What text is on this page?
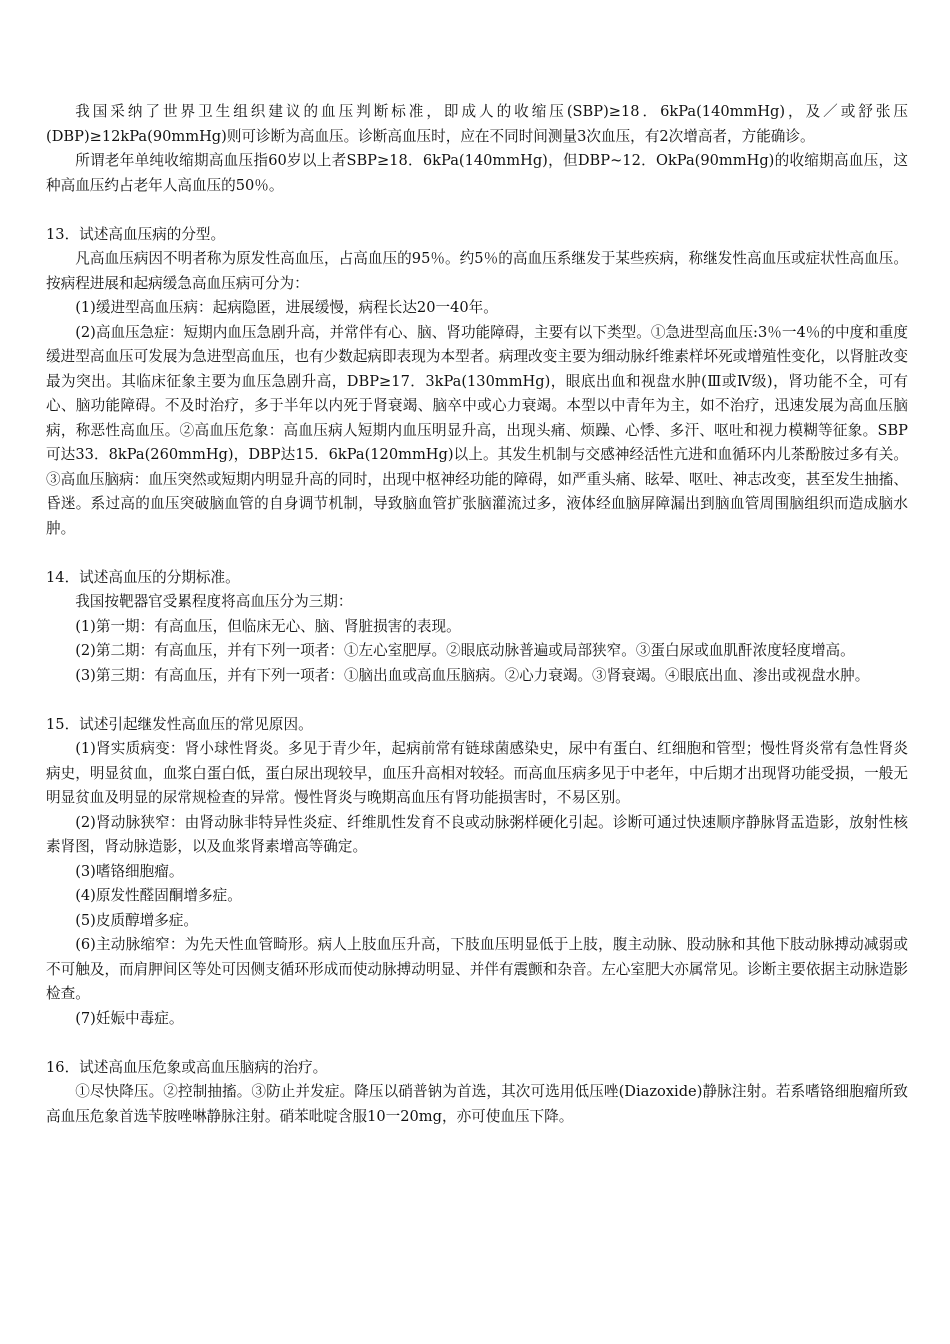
我国采纳了世界卫生组织建议的血压判断标准，即成人的收缩压(SBP)≥18．6kPa(140mmHg)，及／或舒张压(DBP)≥12kPa(90mmHg)则可诊断为高血压。诊断高血压时，应在不同时间测量3次血压，有2次增高者，方能确诊。

所谓老年单纯收缩期高血压指60岁以上者SBP≥18．6kPa(140mmHg)，但DBP~12．OkPa(90mmHg)的收缩期高血压，这种高血压约占老年人高血压的50％。

13．试述高血压病的分型。

凡高血压病因不明者称为原发性高血压，占高血压的95％。约5％的高血压系继发于某些疾病，称继发性高血压或症状性高血压。按病程进展和起病缓急高血压病可分为：

(1)缓进型高血压病：起病隐匿，进展缓慢，病程长达20一40年。

(2)高血压急症：短期内血压急剧升高，并常伴有心、脑、肾功能障碍，主要有以下类型。①急进型高血压:3％一4％的中度和重度缓进型高血压可发展为急进型高血压，也有少数起病即表现为本型者。病理改变主要为细动脉纤维素样坏死或增殖性变化，以肾脏改变最为突出。其临床征象主要为血压急剧升高，DBP≥17．3kPa(130mmHg)，眼底出血和视盘水肿(Ⅲ或Ⅳ级)，肾功能不全，可有心、脑功能障碍。不及时治疗，多于半年以内死于肾衰竭、脑卒中或心力衰竭。本型以中青年为主，如不治疗，迅速发展为高血压脑病，称恶性高血压。②高血压危象：高血压病人短期内血压明显升高，出现头痛、烦躁、心悸、多汗、呕吐和视力模糊等征象。SBP可达33．8kPa(260mmHg)，DBP达15．6kPa(120mmHg)以上。其发生机制与交感神经活性亢进和血循环内儿茶酚胺过多有关。③高血压脑病：血压突然或短期内明显升高的同时，出现中枢神经功能的障碍，如严重头痛、眩晕、呕吐、神志改变，甚至发生抽搐、昏迷。系过高的血压突破脑血管的自身调节机制，导致脑血管扩张脑灌流过多，液体经血脑屏障漏出到脑血管周围脑组织而造成脑水肿。

14．试述高血压的分期标准。

我国按靶器官受累程度将高血压分为三期：

(1)第一期：有高血压，但临床无心、脑、肾脏损害的表现。

(2)第二期：有高血压，并有下列一项者：①左心室肥厚。②眼底动脉普遍或局部狭窄。③蛋白尿或血肌酐浓度轻度增高。

(3)第三期：有高血压，并有下列一项者：①脑出血或高血压脑病。②心力衰竭。③肾衰竭。④眼底出血、渗出或视盘水肿。

15．试述引起继发性高血压的常见原因。

(1)肾实质病变：肾小球性肾炎。多见于青少年，起病前常有链球菌感染史，尿中有蛋白、红细胞和管型；慢性肾炎常有急性肾炎病史，明显贫血，血浆白蛋白低，蛋白尿出现较早，血压升高相对较轻。而高血压病多见于中老年，中后期才出现肾功能受损，一般无明显贫血及明显的尿常规检查的异常。慢性肾炎与晚期高血压有肾功能损害时，不易区别。

(2)肾动脉狭窄：由肾动脉非特异性炎症、纤维肌性发育不良或动脉粥样硬化引起。诊断可通过快速顺序静脉肾盂造影，放射性核素肾图，肾动脉造影，以及血浆肾素增高等确定。

(3)嗜铬细胞瘤。

(4)原发性醛固酮增多症。

(5)皮质醇增多症。

(6)主动脉缩窄：为先天性血管畸形。病人上肢血压升高，下肢血压明显低于上肢，腹主动脉、股动脉和其他下肢动脉搏动减弱或不可触及，而肩胛间区等处可因侧支循环形成而使动脉搏动明显、并伴有震颤和杂音。左心室肥大亦属常见。诊断主要依据主动脉造影检查。

(7)妊娠中毒症。

16．试述高血压危象或高血压脑病的治疗。

①尽快降压。②控制抽搐。③防止并发症。降压以硝普钠为首选，其次可选用低压唑(Diazoxide)静脉注射。若系嗜铬细胞瘤所致高血压危象首选苄胺唑啉静脉注射。硝苯吡啶含服10一20mg，亦可使血压下降。
